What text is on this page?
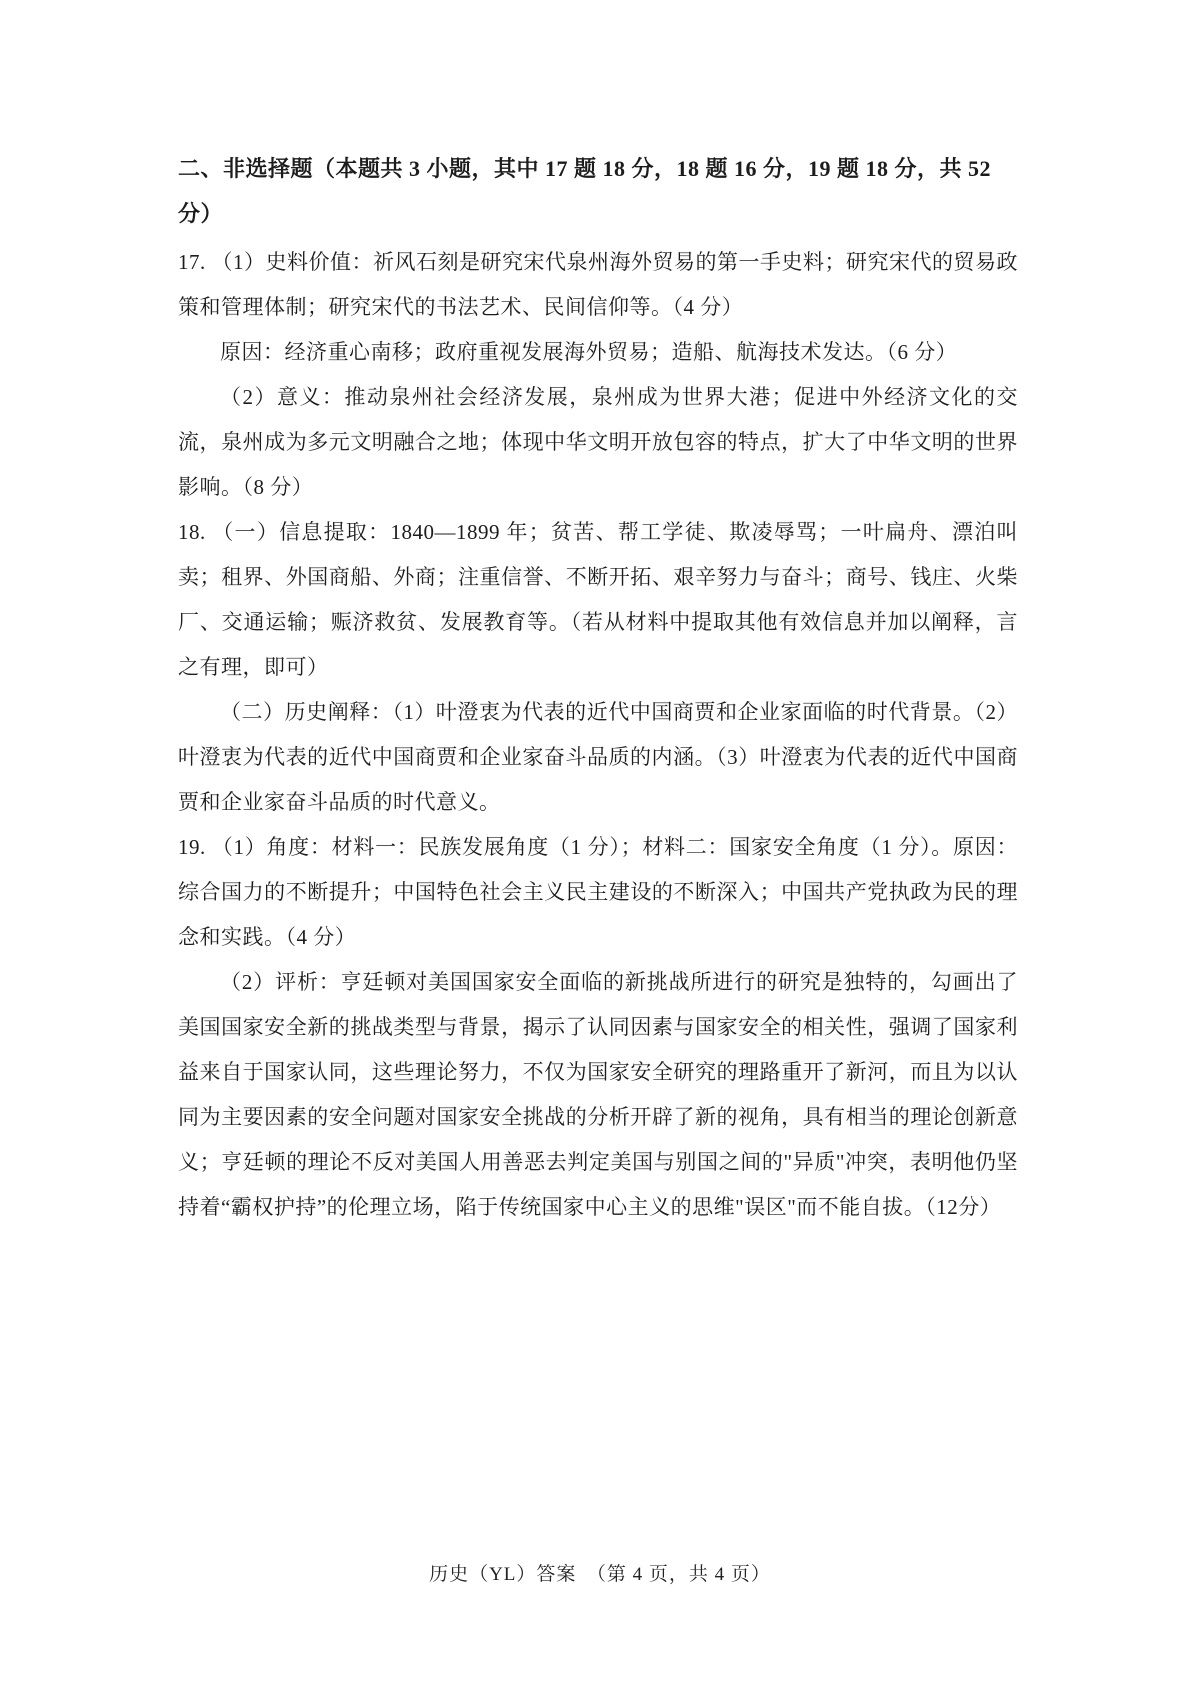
二、非选择题（本题共 3 小题，其中 17 题 18 分，18 题 16 分，19 题 18 分，共 52 分）

17. （1）史料价值：祈风石刻是研究宋代泉州海外贸易的第一手史料；研究宋代的贸易政策和管理体制；研究宋代的书法艺术、民间信仰等。（4 分）

原因：经济重心南移；政府重视发展海外贸易；造船、航海技术发达。（6 分）

（2）意义：推动泉州社会经济发展，泉州成为世界大港；促进中外经济文化的交流，泉州成为多元文明融合之地；体现中华文明开放包容的特点，扩大了中华文明的世界影响。（8 分）

18. （一）信息提取：1840—1899 年；贫苦、帮工学徒、欺凌辱骂；一叶扁舟、漂泊叫卖；租界、外国商船、外商；注重信誉、不断开拓、艰辛努力与奋斗；商号、钱庄、火柴厂、交通运输；赈济救贫、发展教育等。（若从材料中提取其他有效信息并加以阐释，言之有理，即可）

（二）历史阐释：（1）叶澄衷为代表的近代中国商贾和企业家面临的时代背景。（2）叶澄衷为代表的近代中国商贾和企业家奋斗品质的内涵。（3）叶澄衷为代表的近代中国商贾和企业家奋斗品质的时代意义。

19. （1）角度：材料一：民族发展角度（1 分）；材料二：国家安全角度（1 分）。原因：综合国力的不断提升；中国特色社会主义民主建设的不断深入；中国共产党执政为民的理念和实践。（4 分）

（2）评析：亨廷顿对美国国家安全面临的新挑战所进行的研究是独特的，勾画出了美国国家安全新的挑战类型与背景，揭示了认同因素与国家安全的相关性，强调了国家利益来自于国家认同，这些理论努力，不仅为国家安全研究的理路重开了新河，而且为以认同为主要因素的安全问题对国家安全挑战的分析开辟了新的视角，具有相当的理论创新意义；亨廷顿的理论不反对美国人用善恶去判定美国与别国之间的"异质"冲突，表明他仍坚持着“霸权护持”的伦理立场，陷于传统国家中心主义的思维"误区"而不能自拔。（12分）

历史（YL）答案　（第 4 页，共 4 页）
